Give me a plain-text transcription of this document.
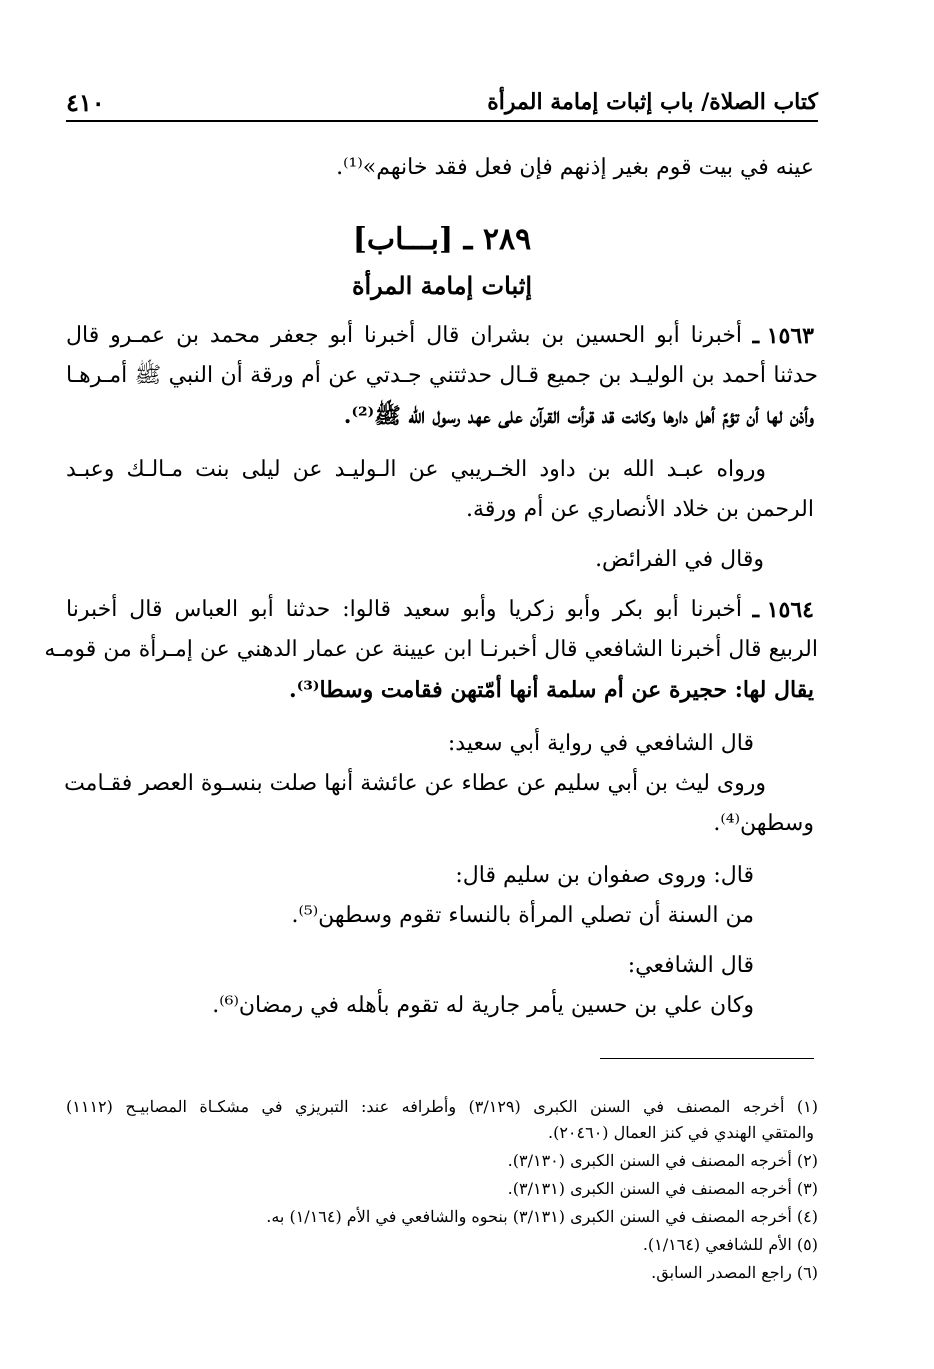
٤١٠	كتاب الصلاة/ باب إثبات إمامة المرأة
عينه في بيت قوم بغير إذنهم فإن فعل فقد خانهم»⁽¹⁾.
٢٨٩ ـ [بـــاب]
إثبات إمامة المرأة
أخبرنا أبو الحسين بن بشران قال أخبرنا أبو جعفر محمد بن عمـرو قال ١٥٦٣ ـ
حدثنا أحمد بن الوليـد بن جميع قـال حدثتني جـدتي عن أم ورقة أن النبي ﷺ أمـرهـا
وأذن لها أن تؤمّ أهل دارها وكانت قد قرأت القرآن على عهد رسول الله ﷺ⁽²⁾.
ورواه عبـد الله بن داود الخـريبي عن الـوليـد عن ليلى بنت مـالـك وعبـد
الرحمن بن خلاد الأنصاري عن أم ورقة.
وقال في الفرائض.
أخبرنا أبو بكر وأبو زكريا وأبو سعيد قالوا: حدثنا أبو العباس قال أخبرنا ١٥٦٤ ـ
الربيع قال أخبرنا الشافعي قال أخبرنـا ابن عيينة عن عمار الدهني عن إمـرأة من قومـه
يقال لها: حجيرة عن أم سلمة أنها أمّتهن فقامت وسطا⁽³⁾.
قال الشافعي في رواية أبي سعيد:
وروى ليث بن أبي سليم عن عطاء عن عائشة أنها صلت بنسـوة العصر فقـامت
وسطهن⁽⁴⁾.
قال: وروى صفوان بن سليم قال:
من السنة أن تصلي المرأة بالنساء تقوم وسطهن⁽⁵⁾.
قال الشافعي:
وكان علي بن حسين يأمر جارية له تقوم بأهله في رمضان⁽⁶⁾.
(١) أخرجه المصنف في السنن الكبرى (٣/١٢٩) وأطرافه عند: التبريزي في مشكـاة المصابيـح (١١١٢)
والمتقي الهندي في كنز العمال (٢٠٤٦٠).
(٢) أخرجه المصنف في السنن الكبرى (٣/١٣٠).
(٣) أخرجه المصنف في السنن الكبرى (٣/١٣١).
(٤) أخرجه المصنف في السنن الكبرى (٣/١٣١) بنحوه والشافعي في الأم (١/١٦٤) به.
(٥) الأم للشافعي (١/١٦٤).
(٦) راجع المصدر السابق.
